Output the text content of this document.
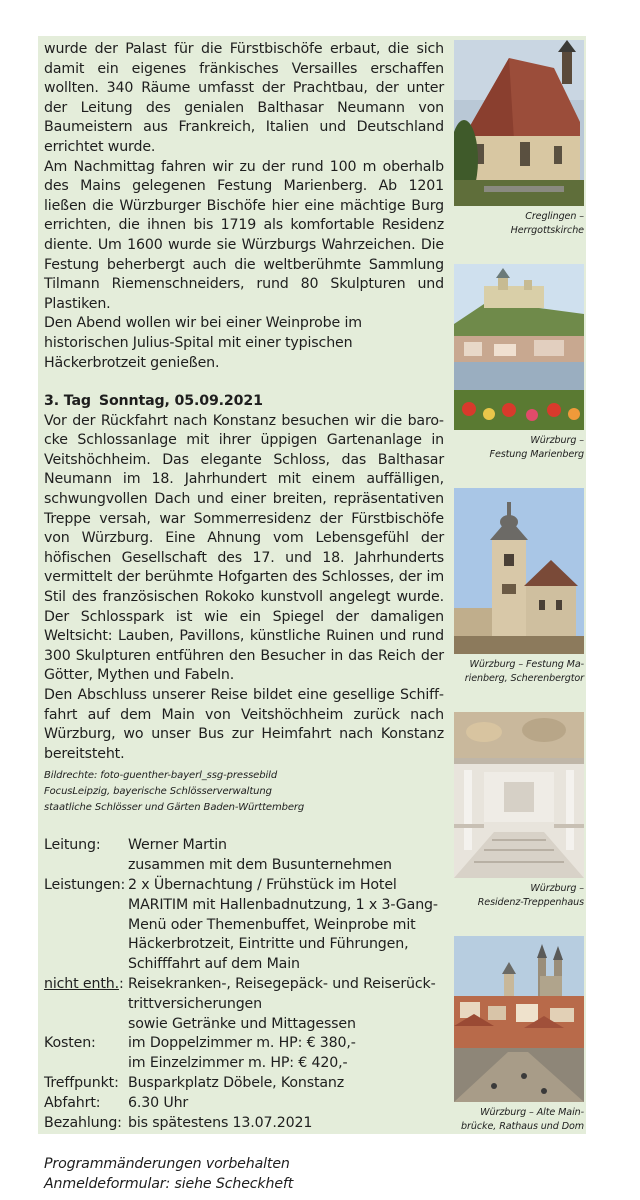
wurde der Palast für die Fürstbischöfe erbaut, die sich damit ein eigenes fränkisches Versailles erschaffen wollten. 340 Räume umfasst der Prachtbau, der unter der Leitung des genialen Balthasar Neumann von Baumeistern aus Frankreich, Italien und Deutschland errichtet wurde.

Am Nachmittag fahren wir zu der rund 100 m oberhalb des Mains gelegenen Festung Marienberg. Ab 1201 ließen die Würzburger Bischöfe hier eine mächtige Burg errichten, die ihnen bis 1719 als komfortable Residenz diente. Um 1600 wurde sie Würzburgs Wahrzeichen. Die Festung beherbergt auch die weltberühmte Sammlung Tilmann Riemenschneiders, rund 80 Skulpturen und Plastiken.

Den Abend wollen wir bei einer Weinprobe im historischen Julius-Spital mit einer typischen Häckerbrotzeit genießen.

3. Tag Sonntag, 05.09.2021

Vor der Rückfahrt nach Konstanz besuchen wir die barocke Schlossanlage mit ihrer üppigen Gartenanlage in Veitshöchheim. Das elegante Schloss, das Balthasar Neumann im 18. Jahrhundert mit einem auffälligen, schwungvollen Dach und einer breiten, repräsentativen Treppe versah, war Sommerresidenz der Fürstbischöfe von Würzburg. Eine Ahnung vom Lebensgefühl der höfischen Gesellschaft des 17. und 18. Jahrhunderts vermittelt der berühmte Hofgarten des Schlosses, der im Stil des französischen Rokoko kunstvoll angelegt wurde. Der Schlosspark ist wie ein Spiegel der damaligen Weltsicht: Lauben, Pavillons, künstliche Ruinen und rund 300 Skulpturen entführen den Besucher in das Reich der Götter, Mythen und Fabeln.

Den Abschluss unserer Reise bildet eine gesellige Schifffahrt auf dem Main von Veitshöchheim zurück nach Würzburg, wo unser Bus zur Heimfahrt nach Konstanz bereitsteht.

Bildrechte: foto-guenther-bayerl_ssg-pressebild
FocusLeipzig, bayerische Schlösserverwaltung
staatliche Schlösser und Gärten Baden-Württemberg
Leitung:	Werner Martin
zusammen mit dem Busunternehmen
Leistungen: 2 x Übernachtung / Frühstück im Hotel
MARITIM mit Hallenbadnutzung, 1 x 3-Gang-
Menü oder Themenbuffet, Weinprobe mit
Häckerbrotzeit, Eintritte und Führungen,
Schifffahrt auf dem Main
nicht enth.: Reisekranken-, Reisegepäck- und Reiserück-
trittversicherungen
sowie Getränke und Mittagessen
Kosten:	im Doppelzimmer m. HP: € 380,-
im Einzelzimmer m. HP: € 420,-
Treffpunkt: Busparkplatz Döbele, Konstanz
Abfahrt:	6.30 Uhr
Bezahlung: bis spätestens 13.07.2021
Programmänderungen vorbehalten
Anmeldeformular: siehe Scheckheft
Creglingen –
Herrgottskirche
Würzburg –
Festung Marienberg
Würzburg – Festung Ma-
rienberg, Scherenbergtor
Würzburg –
Residenz-Treppenhaus
Würzburg – Alte Main-
brücke, Rathaus und Dom
